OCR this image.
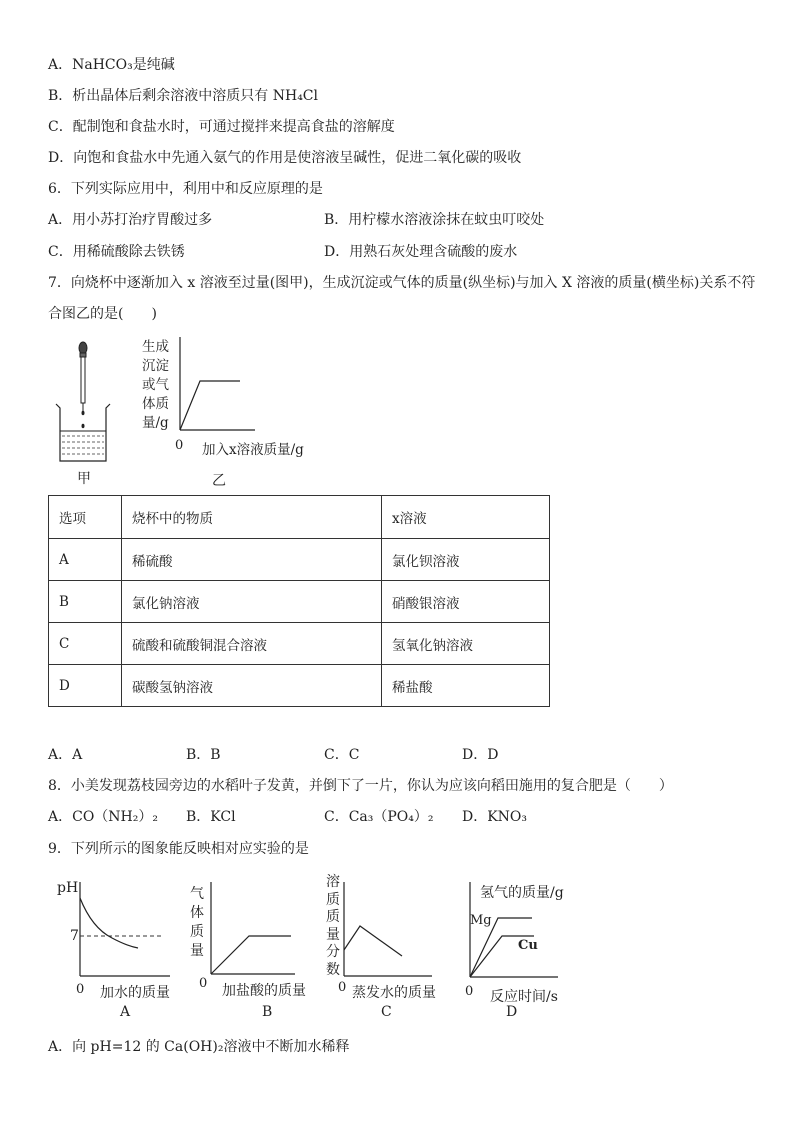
A．NaHCO₃是纯碱
B．析出晶体后剩余溶液中溶质只有 NH₄Cl
C．配制饱和食盐水时，可通过搅拌来提高食盐的溶解度
D．向饱和食盐水中先通入氨气的作用是使溶液呈碱性，促进二氧化碳的吸收
6．下列实际应用中，利用中和反应原理的是
A．用小苏打治疗胃酸过多	B．用柠檬水溶液涂抹在蚊虫叮咬处
C．用稀硫酸除去铁锈	D．用熟石灰处理含硫酸的废水
7．向烧杯中逐渐加入 x 溶液至过量(图甲)，生成沉淀或气体的质量(纵坐标)与加入 X 溶液的质量(横坐标)关系不符
合图乙的是(　　)
甲
生成
沉淀
或气
体质
量/g
0 加入x溶液质量/g
乙
选项	烧杯中的物质	x溶液
A	稀硫酸	氯化钡溶液
B	氯化钠溶液	硝酸银溶液
C	硫酸和硫酸铜混合溶液	氢氧化钠溶液
D	碳酸氢钠溶液	稀盐酸
A．A	B．B	C．C	D．D
8．小美发现荔枝园旁边的水稻叶子发黄，并倒下了一片，你认为应该向稻田施用的复合肥是（　　）
A．CO（NH₂）₂ B．KCl	C．Ca₃（PO₄）₂ D．KNO₃
9．下列所示的图象能反映相对应实验的是
pH
7
0 加水的质量
A
气
体
质
量
0 加盐酸的质量
B
溶
质
质
量
分
数
0 蒸发水的质量
C
氢气的质量/g
Mg
Cu
0 反应时间/s
D
A．向 pH=12 的 Ca(OH)₂溶液中不断加水稀释
